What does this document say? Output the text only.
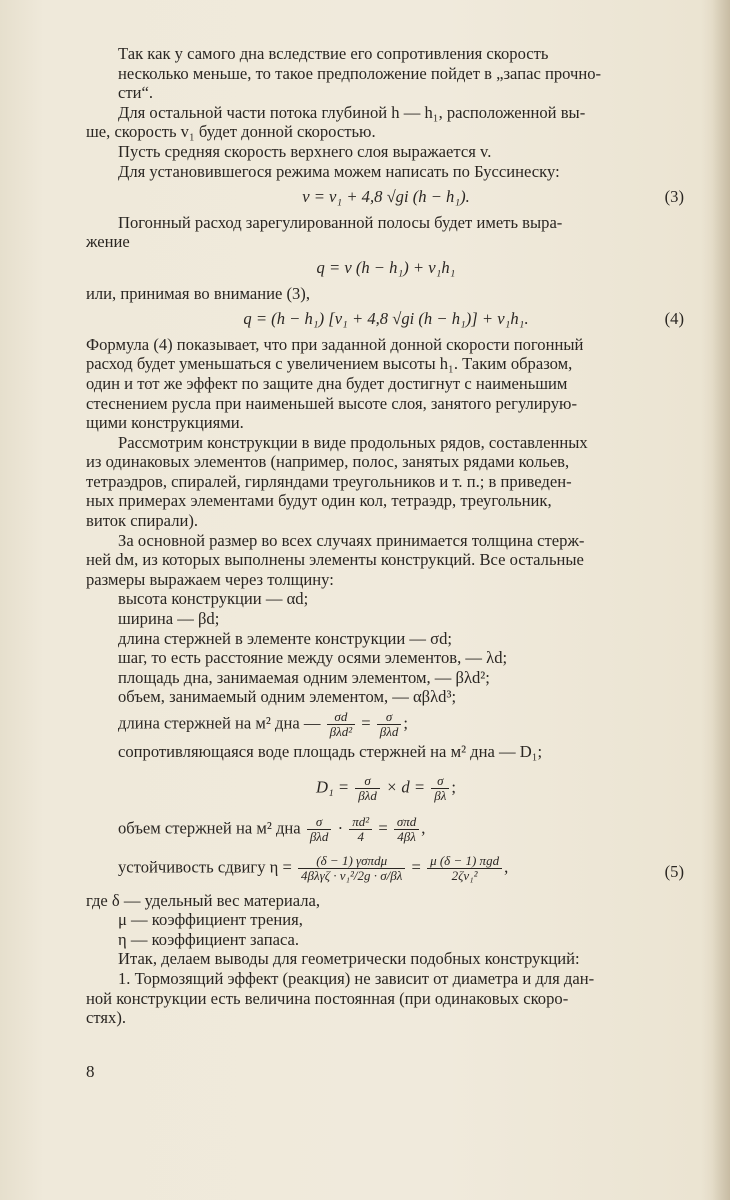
Так как у самого дна вследствие его сопротивления скорость
несколько меньше, то такое предположение пойдет в „запас прочно-
сти“.

Для остальной части потока глубиной h — h₁, расположенной вы-
ше, скорость v₁ будет донной скоростью.

Пусть средняя скорость верхнего слоя выражается v.

Для установившегося режима можем написать по Буссинеску:

v = v₁ + 4,8 √gi (h − h₁).	(3)

Погонный расход зарегулированной полосы будет иметь выра-
жение

q = v (h − h₁) + v₁h₁

или, принимая во внимание (3),

q = (h − h₁) [v₁ + 4,8 √gi (h − h₁)] + v₁h₁.	(4)

Формула (4) показывает, что при заданной донной скорости погонный
расход будет уменьшаться с увеличением высоты h₁. Таким образом,
один и тот же эффект по защите дна будет достигнут с наименьшим
стеснением русла при наименьшей высоте слоя, занятого регулирую-
щими конструкциями.

Рассмотрим конструкции в виде продольных рядов, составленных
из одинаковых элементов (например, полос, занятых рядами кольев,
тетраэдров, спиралей, гирляндами треугольников и т. п.; в приведен-
ных примерах элементами будут один кол, тетраэдр, треугольник,
виток спирали).

За основной размер во всех случаях принимается толщина стерж-
ней dм, из которых выполнены элементы конструкций. Все остальные
размеры выражаем через толщину:

высота конструкции — αd;
ширина — βd;
длина стержней в элементе конструкции — σd;
шаг, то есть расстояние между осями элементов, — λd;
площадь дна, занимаемая одним элементом, — βλd²;
объем, занимаемый одним элементом, — αβλd³;
длина стержней на м² дна — $\frac{\sigma d}{\text{βλd²}} = \frac{\sigma}{\text{βλd}}$ ;
сопротивляющаяся воде площадь стержней на м² дна — D₁;
$D_1 = \frac{\sigma}{\text{βλd}} \times d = \frac{\sigma}{\beta\lambda}$ ;
объем стержней на м² дна $\frac{\sigma}{\text{βλd}} \cdot \frac{\text{πd²}}{4} = \frac{\text{σπd}}{4\beta\lambda}$ ,
устойчивость сдвигу $\eta = \frac{\text{(δ − 1) γσπdμ}}{\text{4βλγζ · v₁²/2g · σ/βλ}} = \frac{\text{μ (δ − 1) πgd}}{\text{2ζv₁²}}$ ,	(5)
где δ — удельный вес материала,
μ — коэффициент трения,
η — коэффициент запаса.

Итак, делаем выводы для геометрически подобных конструкций:

1. Тормозящий эффект (реакция) не зависит от диаметра и для дан-
ной конструкции есть величина постоянная (при одинаковых скоро-
стях).

8
